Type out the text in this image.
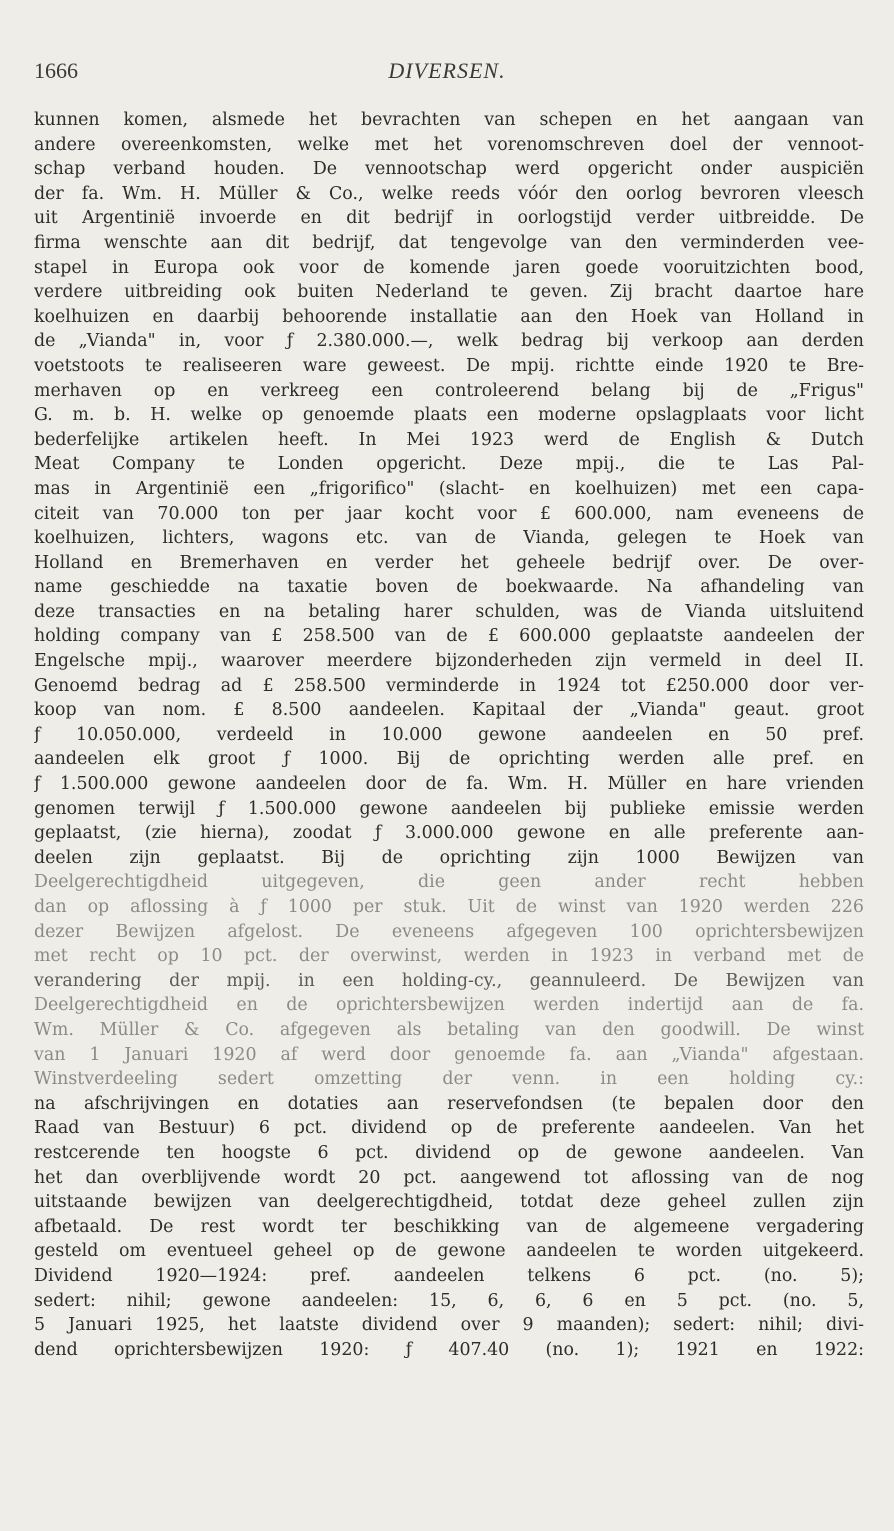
1666	DIVERSEN.
kunnen komen, alsmede het bevrachten van schepen en het aangaan van
andere overeenkomsten, welke met het vorenomschreven doel der vennoot-
schap verband houden. De vennootschap werd opgericht onder auspiciën
der fa. Wm. H. Müller & Co., welke reeds vóór den oorlog bevroren vleesch
uit Argentinië invoerde en dit bedrijf in oorlogstijd verder uitbreidde. De
firma wenschte aan dit bedrijf, dat tengevolge van den verminderden vee-
stapel in Europa ook voor de komende jaren goede vooruitzichten bood,
verdere uitbreiding ook buiten Nederland te geven. Zij bracht daartoe hare
koelhuizen en daarbij behoorende installatie aan den Hoek van Holland in
de „Vianda" in, voor ƒ 2.380.000.—, welk bedrag bij verkoop aan derden
voetstoots te realiseeren ware geweest. De mpij. richtte einde 1920 te Bre-
merhaven op en verkreeg een controleerend belang bij de „Frigus"
G. m. b. H. welke op genoemde plaats een moderne opslagplaats voor licht
bederfelijke artikelen heeft. In Mei 1923 werd de English & Dutch
Meat Company te Londen opgericht. Deze mpij., die te Las Pal-
mas in Argentinië een „frigorifico" (slacht- en koelhuizen) met een capa-
citeit van 70.000 ton per jaar kocht voor £ 600.000, nam eveneens de
koelhuizen, lichters, wagons etc. van de Vianda, gelegen te Hoek van
Holland en Bremerhaven en verder het geheele bedrijf over. De over-
name geschiedde na taxatie boven de boekwaarde. Na afhandeling van
deze transacties en na betaling harer schulden, was de Vianda uitsluitend
holding company van £ 258.500 van de £ 600.000 geplaatste aandeelen der
Engelsche mpij., waarover meerdere bijzonderheden zijn vermeld in deel II.
Genoemd bedrag ad £ 258.500 verminderde in 1924 tot £250.000 door ver-
koop van nom. £ 8.500 aandeelen. Kapitaal der „Vianda" geaut. groot
ƒ 10.050.000, verdeeld in 10.000 gewone aandeelen en 50 pref.
aandeelen elk groot ƒ 1000. Bij de oprichting werden alle pref. en
ƒ 1.500.000 gewone aandeelen door de fa. Wm. H. Müller en hare vrienden
genomen terwijl ƒ 1.500.000 gewone aandeelen bij publieke emissie werden
geplaatst, (zie hierna), zoodat ƒ 3.000.000 gewone en alle preferente aan-
deelen zijn geplaatst. Bij de oprichting zijn 1000 Bewijzen van
Deelgerechtigdheid uitgegeven, die geen ander recht hebben
dan op aflossing à ƒ 1000 per stuk. Uit de winst van 1920 werden 226
dezer Bewijzen afgelost. De eveneens afgegeven 100 oprichtersbewijzen
met recht op 10 pct. der overwinst, werden in 1923 in verband met de
verandering der mpij. in een holding-cy., geannuleerd. De Bewijzen van
Deelgerechtigdheid en de oprichtersbewijzen werden indertijd aan de fa.
Wm. Müller & Co. afgegeven als betaling van den goodwill. De winst
van 1 Januari 1920 af werd door genoemde fa. aan „Vianda" afgestaan.
Winstverdeeling sedert omzetting der venn. in een holding cy.:
na afschrijvingen en dotaties aan reservefondsen (te bepalen door den
Raad van Bestuur) 6 pct. dividend op de preferente aandeelen. Van het
restcerende ten hoogste 6 pct. dividend op de gewone aandeelen. Van
het dan overblijvende wordt 20 pct. aangewend tot aflossing van de nog
uitstaande bewijzen van deelgerechtigdheid, totdat deze geheel zullen zijn
afbetaald. De rest wordt ter beschikking van de algemeene vergadering
gesteld om eventueel geheel op de gewone aandeelen te worden uitgekeerd.
Dividend 1920—1924: pref. aandeelen telkens 6 pct. (no. 5);
sedert: nihil; gewone aandeelen: 15, 6, 6, 6 en 5 pct. (no. 5,
5 Januari 1925, het laatste dividend over 9 maanden); sedert: nihil; divi-
dend oprichtersbewijzen 1920: ƒ 407.40 (no. 1); 1921 en 1922:
